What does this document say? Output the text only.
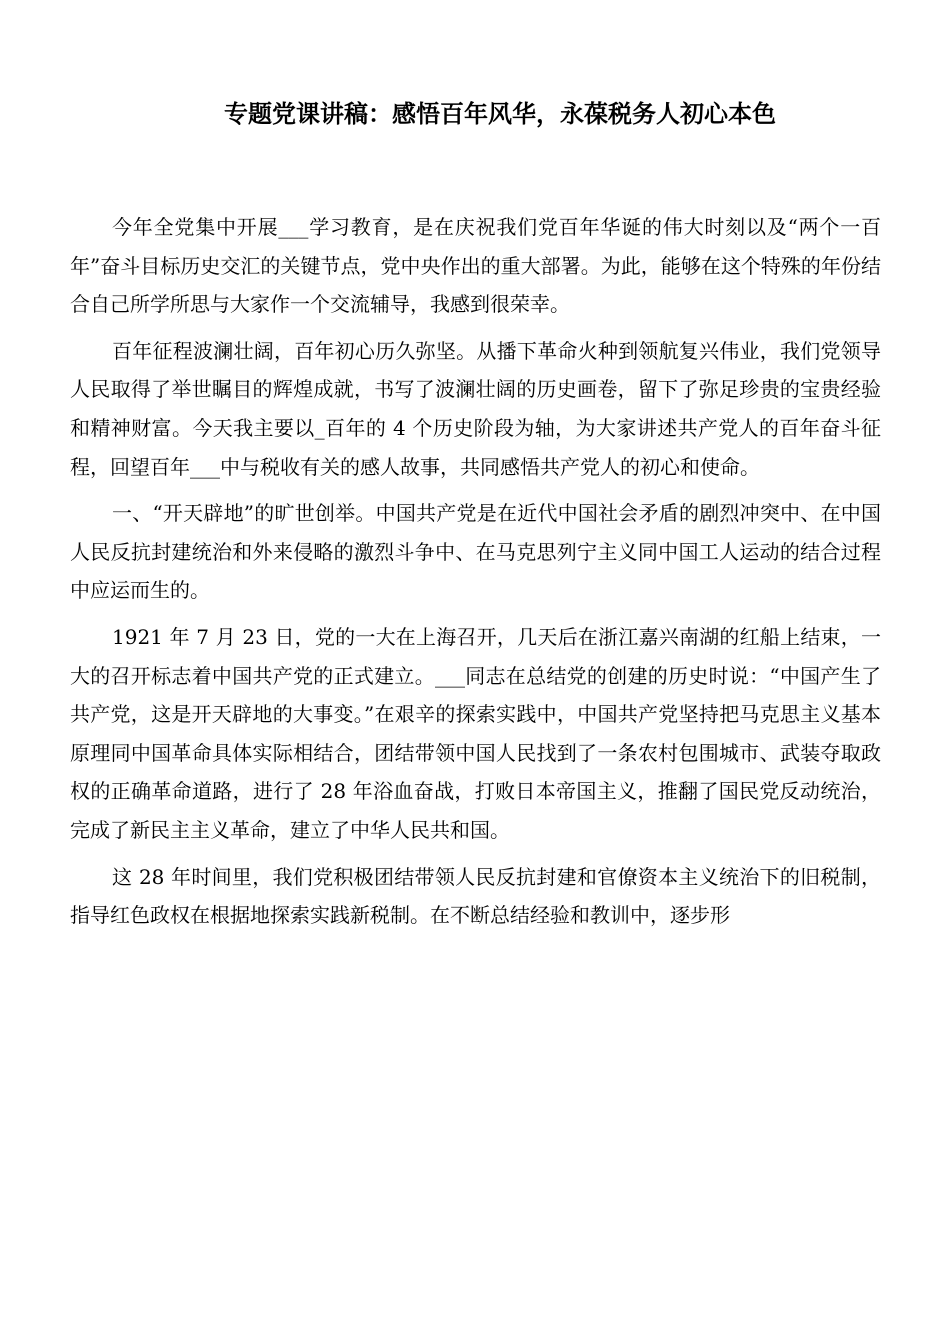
专题党课讲稿：感悟百年风华，永葆税务人初心本色

今年全党集中开展___学习教育，是在庆祝我们党百年华诞的伟大时刻以及“两个一百年”奋斗目标历史交汇的关键节点，党中央作出的重大部署。为此，能够在这个特殊的年份结合自己所学所思与大家作一个交流辅导，我感到很荣幸。

百年征程波澜壮阔，百年初心历久弥坚。从播下革命火种到领航复兴伟业，我们党领导人民取得了举世瞩目的辉煌成就，书写了波澜壮阔的历史画卷，留下了弥足珍贵的宝贵经验和精神财富。今天我主要以_百年的 4 个历史阶段为轴，为大家讲述共产党人的百年奋斗征程，回望百年___中与税收有关的感人故事，共同感悟共产党人的初心和使命。

一、“开天辟地”的旷世创举。中国共产党是在近代中国社会矛盾的剧烈冲突中、在中国人民反抗封建统治和外来侵略的激烈斗争中、在马克思列宁主义同中国工人运动的结合过程中应运而生的。

1921 年 7 月 23 日，党的一大在上海召开，几天后在浙江嘉兴南湖的红船上结束，一大的召开标志着中国共产党的正式建立。___同志在总结党的创建的历史时说：“中国产生了共产党，这是开天辟地的大事变。”在艰辛的探索实践中，中国共产党坚持把马克思主义基本原理同中国革命具体实际相结合，团结带领中国人民找到了一条农村包围城市、武装夺取政权的正确革命道路，进行了 28 年浴血奋战，打败日本帝国主义，推翻了国民党反动统治，完成了新民主主义革命，建立了中华人民共和国。

这 28 年时间里，我们党积极团结带领人民反抗封建和官僚资本主义统治下的旧税制，指导红色政权在根据地探索实践新税制。在不断总结经验和教训中，逐步形
